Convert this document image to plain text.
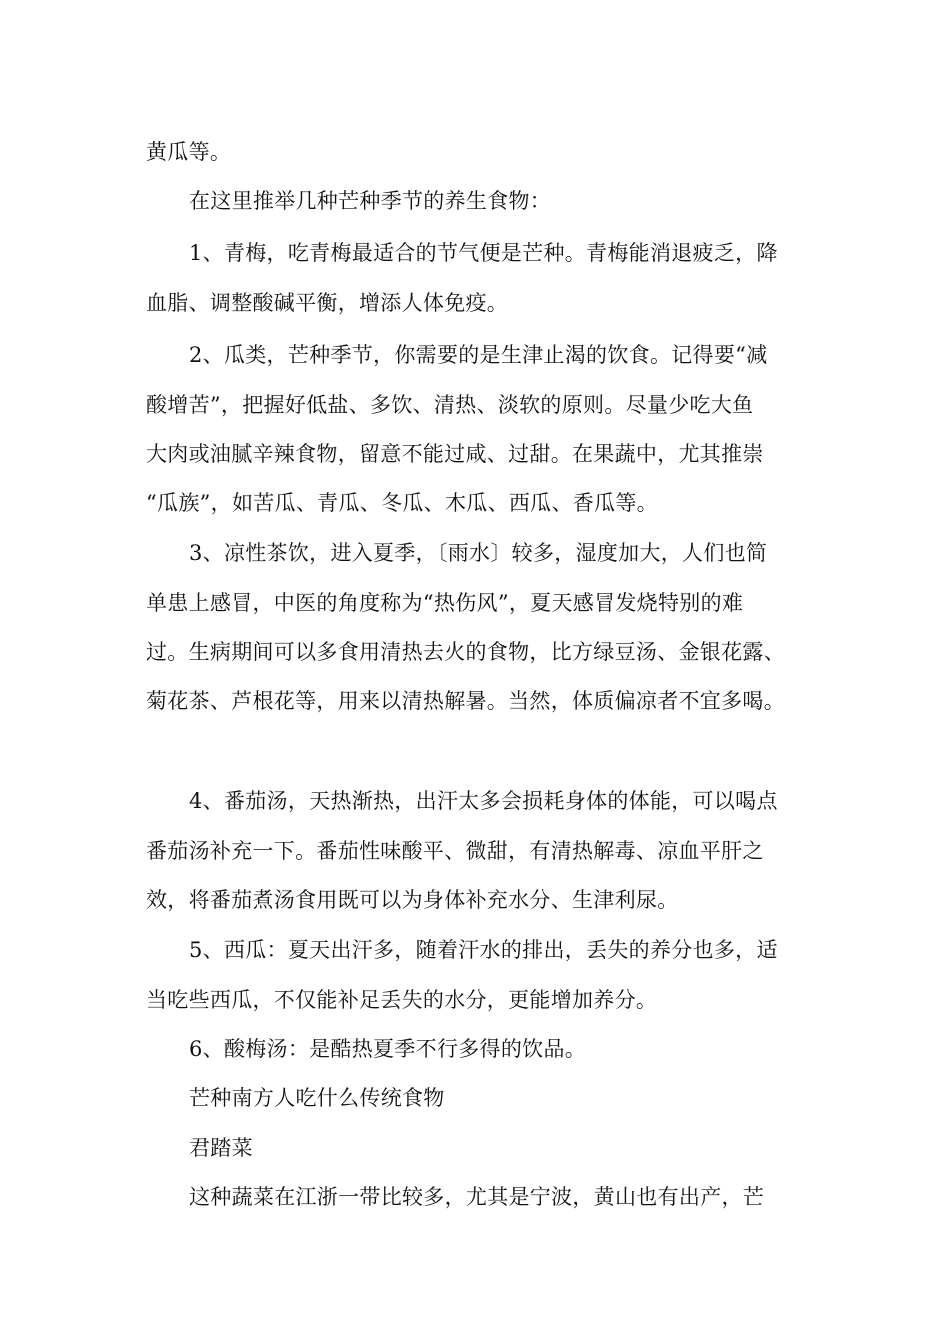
黄瓜等。
在这里推举几种芒种季节的养生食物：
1、青梅，吃青梅最适合的节气便是芒种。青梅能消退疲乏，降
血脂、调整酸碱平衡，增添人体免疫。
2、瓜类，芒种季节，你需要的是生津止渴的饮食。记得要“减
酸增苦”，把握好低盐、多饮、清热、淡软的原则。尽量少吃大鱼
大肉或油腻辛辣食物，留意不能过咸、过甜。在果蔬中，尤其推崇
“瓜族”，如苦瓜、青瓜、冬瓜、木瓜、西瓜、香瓜等。
3、凉性茶饮，进入夏季，〔雨水〕较多，湿度加大，人们也简
单患上感冒，中医的角度称为“热伤风”，夏天感冒发烧特别的难
过。生病期间可以多食用清热去火的食物，比方绿豆汤、金银花露、
菊花茶、芦根花等，用来以清热解暑。当然，体质偏凉者不宜多喝。
4、番茄汤，天热渐热，出汗太多会损耗身体的体能，可以喝点
番茄汤补充一下。番茄性味酸平、微甜，有清热解毒、凉血平肝之
效，将番茄煮汤食用既可以为身体补充水分、生津利尿。
5、西瓜：夏天出汗多，随着汗水的排出，丢失的养分也多，适
当吃些西瓜，不仅能补足丢失的水分，更能增加养分。
6、酸梅汤：是酷热夏季不行多得的饮品。
芒种南方人吃什么传统食物
君踏菜
这种蔬菜在江浙一带比较多，尤其是宁波，黄山也有出产，芒
